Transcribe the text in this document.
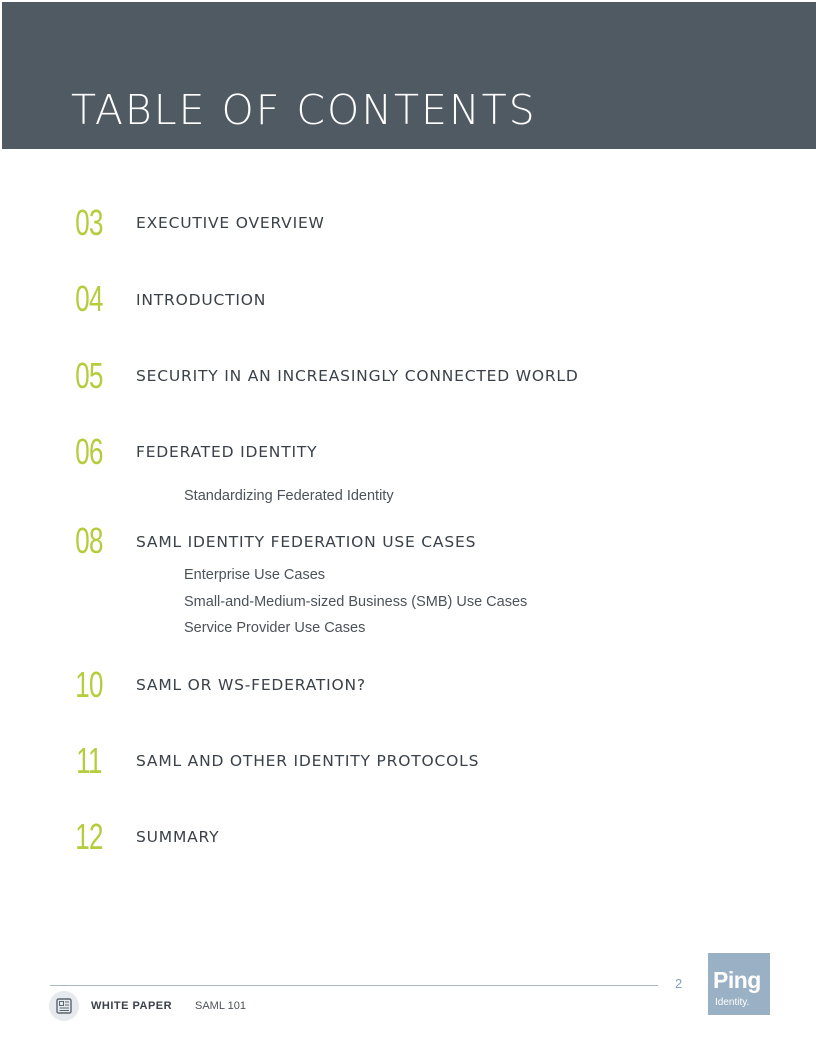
TABLE OF CONTENTS
03	EXECUTIVE OVERVIEW
04	INTRODUCTION
05	SECURITY IN AN INCREASINGLY CONNECTED WORLD
06	FEDERATED IDENTITY
Standardizing Federated Identity
08	SAML IDENTITY FEDERATION USE CASES
Enterprise Use Cases
Small-and-Medium-sized Business (SMB) Use Cases
Service Provider Use Cases
10	SAML OR WS-FEDERATION?
11	SAML AND OTHER IDENTITY PROTOCOLS
12	SUMMARY
2 Ping
Identity.
WHITE PAPER SAML 101
